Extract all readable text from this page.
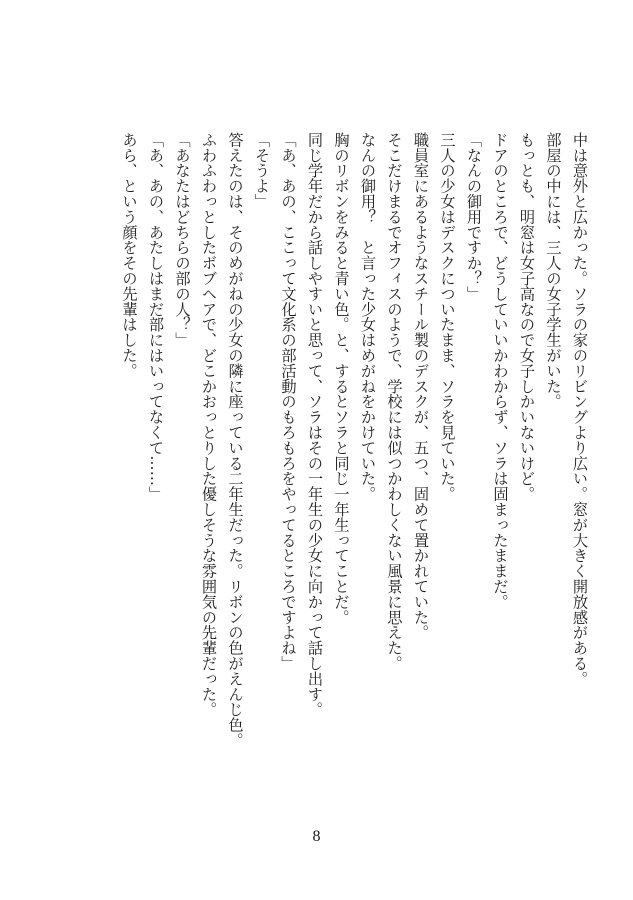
中は意外と広かった。ソラの家のリビングより広い。窓が大きく開放感がある。
部屋の中には、三人の女子学生がいた。
もっとも、明窓は女子高なので女子しかいないけど。
ドアのところで、どうしていいかわからず、ソラは固まったままだ。
「なんの御用ですか？」
三人の少女はデスクについたまま、ソラを見ていた。
職員室にあるようなスチール製のデスクが、五つ、固めて置かれていた。
そこだけまるでオフィスのようで、学校には似つかわしくない風景に思えた。
なんの御用？　と言った少女はめがねをかけていた。
胸のリボンをみると青い色。と、するとソラと同じ一年生ってことだ。
同じ学年だから話しやすいと思って、ソラはその一年生の少女に向かって話し出す。
「あ、あの、ここって文化系の部活動のもろもろをやってるところですよね」
「そうよ」
答えたのは、そのめがねの少女の隣に座っている二年生だった。リボンの色がえんじ色。
ふわふわっとしたボブヘアで、どこかおっとりした優しそうな雰囲気の先輩だった。
「あなたはどちらの部の人？」
「あ、あの、あたしはまだ部にはいってなくて……」
あら、という顔をその先輩はした。
8
